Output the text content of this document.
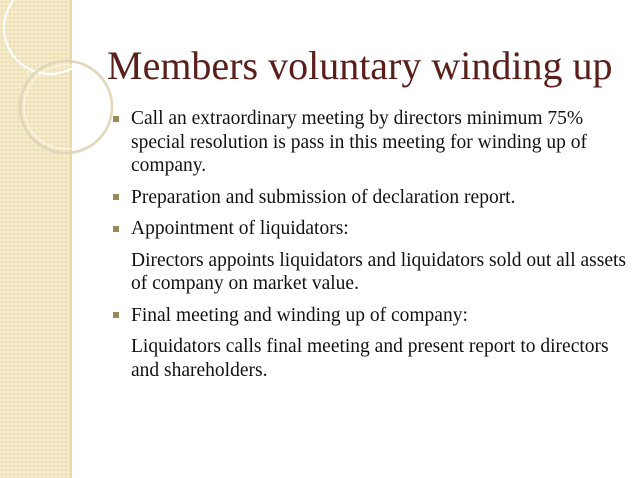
Members voluntary winding up
Call an extraordinary meeting by directors minimum 75% special resolution is pass in this meeting for winding up of company.
Preparation and submission of declaration report.
Appointment of liquidators:
Directors appoints liquidators and liquidators sold out all assets of company on market value.
Final meeting and winding up of company:
Liquidators calls final meeting and present report to directors and shareholders.
